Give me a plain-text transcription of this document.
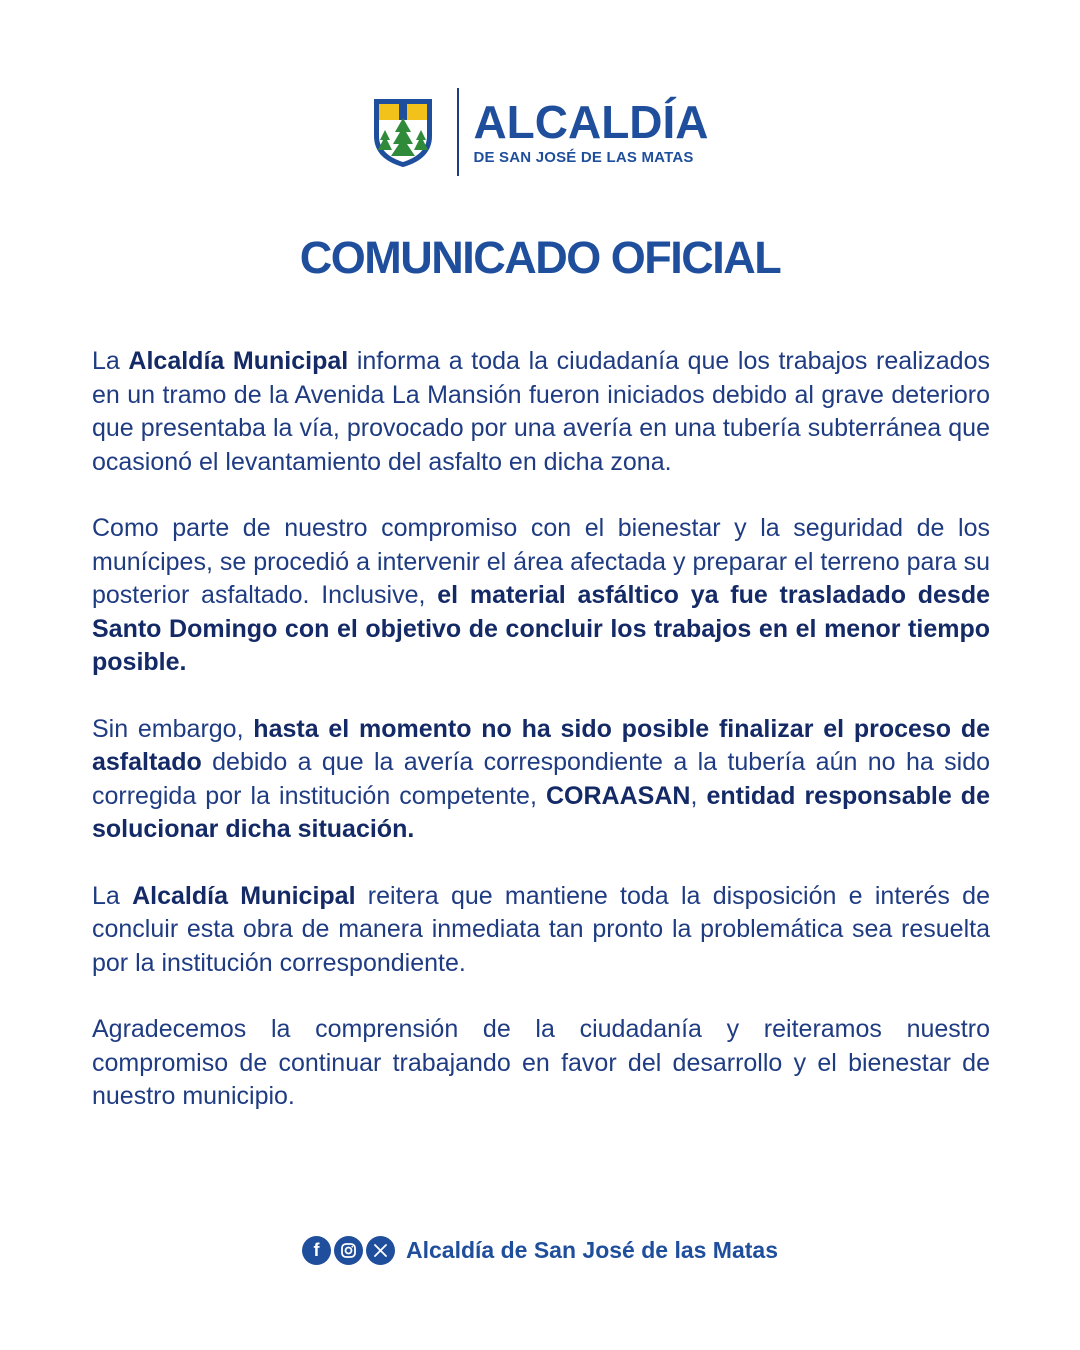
ALCALDÍA
DE SAN JOSÉ DE LAS MATAS
COMUNICADO OFICIAL

La Alcaldía Municipal informa a toda la ciudadanía que los trabajos realizados en un tramo de la Avenida La Mansión fueron iniciados debido al grave deterioro que presentaba la vía, provocado por una avería en una tubería subterránea que ocasionó el levantamiento del asfalto en dicha zona.

Como parte de nuestro compromiso con el bienestar y la seguridad de los munícipes, se procedió a intervenir el área afectada y preparar el terreno para su posterior asfaltado. Inclusive, el material asfáltico ya fue trasladado desde Santo Domingo con el objetivo de concluir los trabajos en el menor tiempo posible.

Sin embargo, hasta el momento no ha sido posible finalizar el proceso de asfaltado debido a que la avería correspondiente a la tubería aún no ha sido corregida por la institución competente, CORAASAN, entidad responsable de solucionar dicha situación.

La Alcaldía Municipal reitera que mantiene toda la disposición e interés de concluir esta obra de manera inmediata tan pronto la problemática sea resuelta por la institución correspondiente.

Agradecemos la comprensión de la ciudadanía y reiteramos nuestro compromiso de continuar trabajando en favor del desarrollo y el bienestar de nuestro municipio.

f	Alcaldía de San José de las Matas
